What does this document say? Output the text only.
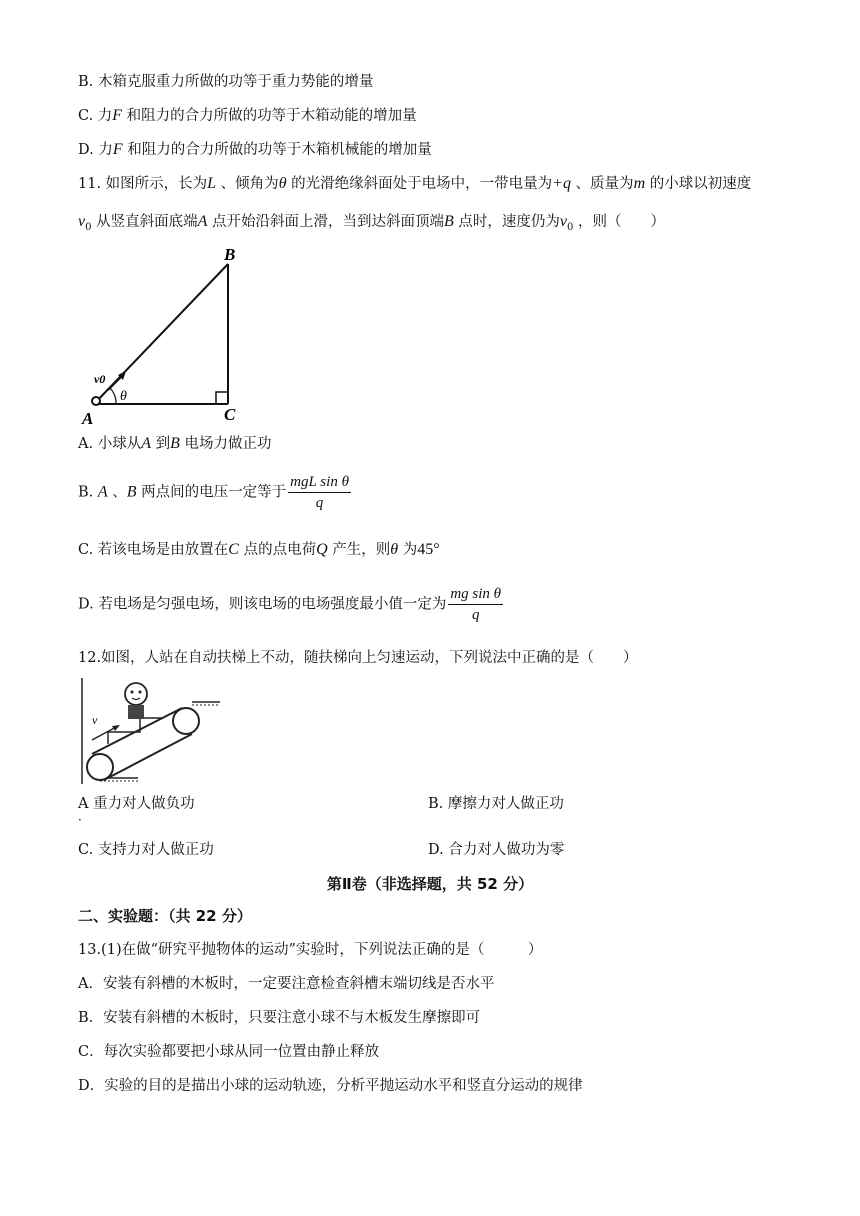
B. 木箱克服重力所做的功等于重力势能的增量
C. 力F 和阻力的合力所做的功等于木箱动能的增加量
D. 力F 和阻力的合力所做的功等于木箱机械能的增加量
11. 如图所示，长为L 、倾角为θ 的光滑绝缘斜面处于电场中，一带电量为+q 、质量为m 的小球以初速度
$v_0$ 从竖直斜面底端A 点开始沿斜面上滑，当到达斜面顶端B 点时，速度仍为$v_0$ ，则（　　）
B
A	C
v0
θ
A. 小球从A 到B 电场力做正功
B. A 、B 两点间的电压一定等于 $\frac{\text{mgL sin θ}}{q}$
C. 若该电场是由放置在C 点的点电荷Q 产生，则θ 为45°
D. 若电场是匀强电场，则该电场的电场强度最小值一定为 $\frac{\text{mg sin θ}}{q}$
12.如图，人站在自动扶梯上不动，随扶梯向上匀速运动，下列说法中正确的是（　　）
v
A 重力对人做负功
·
B. 摩擦力对人做正功
C. 支持力对人做正功	D. 合力对人做功为零
第Ⅱ卷（非选择题，共 52 分）
二、实验题：（共 22 分）
13.(1)在做“研究平抛物体的运动”实验时，下列说法正确的是（　　　）
A．安装有斜槽的木板时，一定要注意检查斜槽末端切线是否水平
B．安装有斜槽的木板时，只要注意小球不与木板发生摩擦即可
C．每次实验都要把小球从同一位置由静止释放
D．实验的目的是描出小球的运动轨迹，分析平抛运动水平和竖直分运动的规律
